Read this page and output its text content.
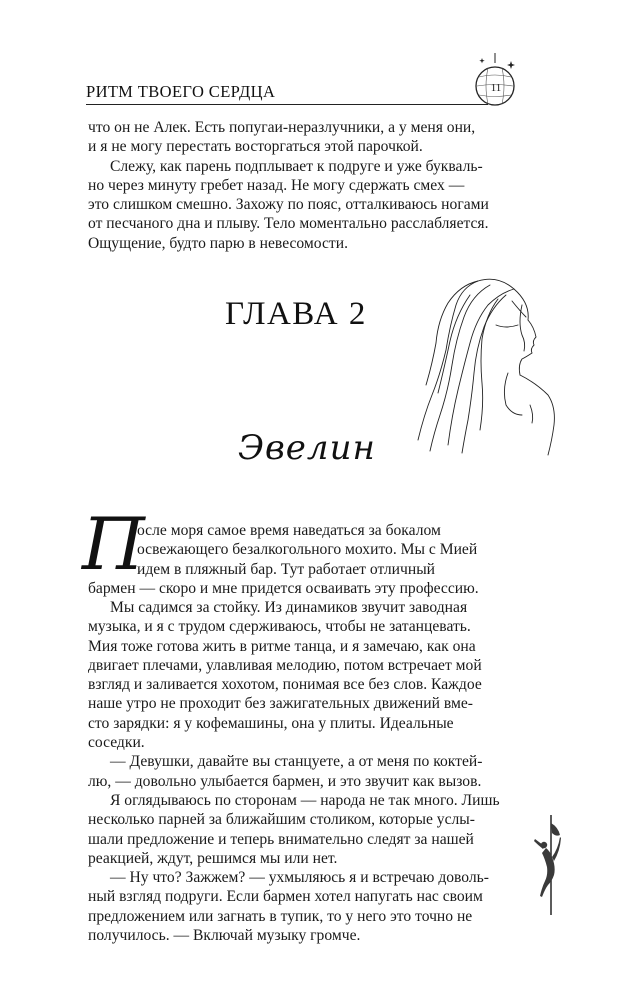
РИТМ ТВОЕГО СЕРДЦА	11

что он не Алек. Есть попугаи-неразлучники, а у меня они,
и я не могу перестать восторгаться этой парочкой.

Слежу, как парень подплывает к подруге и уже букваль-
но через минуту гребет назад. Не могу сдержать смех —
это слишком смешно. Захожу по пояс, отталкиваюсь ногами
от песчаного дна и плыву. Тело моментально расслабляется.
Ощущение, будто парю в невесомости.

ГЛАВА 2
Эвелин
П
осле моря самое время наведаться за бокалом
освежающего безалкогольного мохито. Мы с Мией
идем в пляжный бар. Тут работает отличный
бармен — скоро и мне придется осваивать эту профессию.

Мы садимся за стойку. Из динамиков звучит заводная
музыка, и я с трудом сдерживаюсь, чтобы не затанцевать.
Мия тоже готова жить в ритме танца, и я замечаю, как она
двигает плечами, улавливая мелодию, потом встречает мой
взгляд и заливается хохотом, понимая все без слов. Каждое
наше утро не проходит без зажигательных движений вме-
сто зарядки: я у кофемашины, она у плиты. Идеальные
соседки.

— Девушки, давайте вы станцуете, а от меня по коктей-
лю, — довольно улыбается бармен, и это звучит как вызов.

Я оглядываюсь по сторонам — народа не так много. Лишь
несколько парней за ближайшим столиком, которые услы-
шали предложение и теперь внимательно следят за нашей
реакцией, ждут, решимся мы или нет.

— Ну что? Зажжем? — ухмыляюсь я и встречаю доволь-
ный взгляд подруги. Если бармен хотел напугать нас своим
предложением или загнать в тупик, то у него это точно не
получилось. — Включай музыку громче.
